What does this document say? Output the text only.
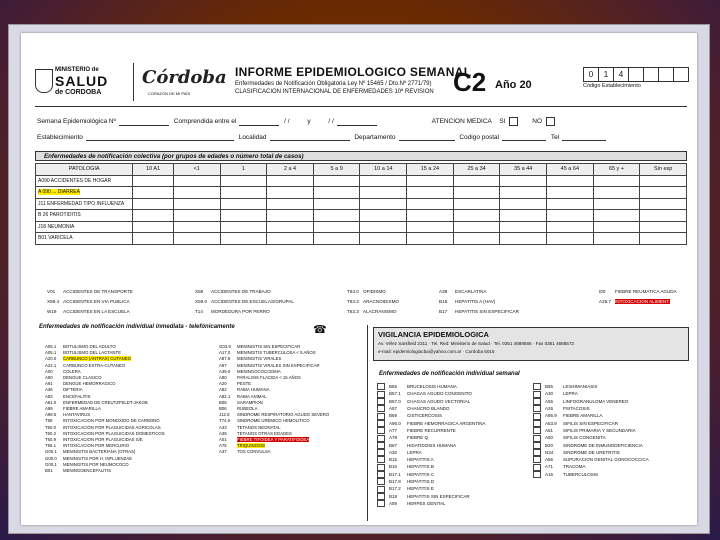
MINISTERIO de
SALUD
de CORDOBA
Córdoba
CORAZÓN DE MI PAÍS
INFORME EPIDEMIOLOGICO SEMANAL
Enfermedades de Notificación Obligatoria Ley Nº 15465 / Dto.Nº 2771/79)
CLASIFICACION INTERNACIONAL DE ENFERMEDADES 10ª REVISION C2 Año 20
0	1	4
Código Establecimiento
Semana Epidemiológica Nº	Comprendida entre el	/ /	y	/ /	ATENCION MEDICA SI	NO
Establecimiento	Localidad	Departamento	Codigo postal	Tel
Enfermedades de notificación colectiva (por grupos de edades o número total de casos)
PATOLOGIA	10 A1	<1	1	2 a 4	5 a 9	10 a 14	15 a 24	25 a 34	35 a 44	45 a 64	65 y +	Sin esp
A090 ACCIDENTES DE HOGAR												
A 090 ... DIARREA												
J11 ENFERMEDAD TIPO INFLUENZA												
B 26 PAROTIDITIS												
J18 NEUMONIA												
B01 VARICELA												
V01 ACCIDENTES DE TRANSPORTE	X59 ACCIDENTES DE TRABAJO	T63.0 OFIDISMO	A38 ESCARLATINA	I00 FIEBRE REUMATICA AGUDA
X59.4 ACCIDENTES EN VIA PUBLICA	X59.0 ACCIDENTES DE ESCUELAS/GRUPAL	T63.2 ARACNOIDISMO	B15 HEPATITIS A (HAV)	A25.7 INTOXICACION ALIMENT.
W19 ACCIDENTES EN LA ESCUELA	T14 MORDEDURA POR PERRO	T63.3 ALACRANISMO	B17 HEPATITIS SIN ESPECIFICAR
Enfermedades de notificación individual inmediata - telefónicamente
A05.1 BOTULISMO DEL ADULTO
A05.1 BOTULISMO DEL LACTANTE
A20.0 CARBUNCO (ANTRAX) CUTANEO
A22.1 CARBUNCO EXTRA-CUTANEO
A00 COLERA
A90 DENGUE CLASICO
A91 DENGUE HEMORRAGICO
A36 DIFTERIA
A83 ENCEFALITIS
A81.0 ENFERMEDAD DE CREUTZFELDT-JAKOB
A95 FIEBRE AMARILLA
A98.5 HANTAVIRUS
T58 INTOXICACION POR MONOXIDO DE CARBONO
T60.0 INTOXICACION POR PLAGUICIDAS AGRICOLAS
T60.2 INTOXICACION POR PLAGUICIDAS DOMESTICOS
T60.9 INTOXICACION POR PLAGUICIDAS S/E
T56.1 INTOXICACION POR MERCURIO
G00.1 MENINGITIS BACTERIANA (OTRAS)
G00.0 MENINGITIS POR H. INFLUENZAE
G00.1 MENINGITIS POR NEUMOCOCO
B01 MENINGOENCEFALITIS
G03.9 MENINGITIS SIN ESPECIFICAR
A17.0 MENINGITIS TUBERCULOSA < 5 AÑOS
A87.9 MENINGITIS VIRALES
A87 MENINGITIS VIRALES SIN ESPECIFICAR
A39.0 MENINGOCOCCEMIA
A80 PARALISIS FLACIDA < 15 AÑOS
A20 PESTE
A82 RABIA HUMANA
A82.1 RABIA ANIMAL
B05 SARAMPION
B06 RUBEOLA
J12.8 SINDROME RESPIRATORIO AGUDO SEVERO
T74.9 SINDROME URÉMICO HEMOLITICO
A33 TETANOS NEONATAL
A35 TETANOS OTRAS EDADES
A01 FIEBRE TIFOIDEA Y PARATIFOIDEA
A75 TRIQUINOSIS
A37 TOS CONVULSA
☎	VIGILANCIA EPIDEMIOLOGICA
Av. Vélez Sarsfield 2311 · Tel. Red: Ministerio de Salud · Tel. 0351 4688566 · Fax 0351 4688572
e-mail: epidemiologiacba@yahoo.com.ar · Cordoba 5016
Enfermedades de notificación individual semanal
B55 BRUCELOSIS HUMANA
B57.1 CHAGAS AGUDO CONGENITO
B57.0 CHAGAS AGUDO VECTORIAL
A57 CHANCRO BLANDO
B69 CISTICERCOSIS
A96.0 FIEBRE HEMORRAGICA ARGENTINA
A77 FIEBRE RECURRENTE
A78 FIEBRE Q
B67 HIDATIDOSIS HUMANA
A30 LEPRA
B15 HEPATITIS A
B16 HEPATITIS B
B17.1 HEPATITIS C
B17.8 HEPATITIS D
B17.2 HEPATITIS E
B19 HEPATITIS SIN ESPECIFICAR
A59 HERPES GENITAL
B55 LEISHMANIASIS
A30 LEPRA
A55 LINFOGRANULOMA VENEREO
A26 PSITACOSIS
A95.9 FIEBRE AMARILLA
A53.9 SIFILIS SIN ESPECIFICAR
A51 SIFILIS PRIMARIA Y SECUNDARIA
A50 SIFILIS CONGENITA
B20 SINDROME DE INMUNODEFICIENCIA
N34 SINDROME DE URETRITIS
A56 SUPURACION GENITAL GONOCOCCICA
A71 TRACOMA
A16 TUBERCULOSIS
